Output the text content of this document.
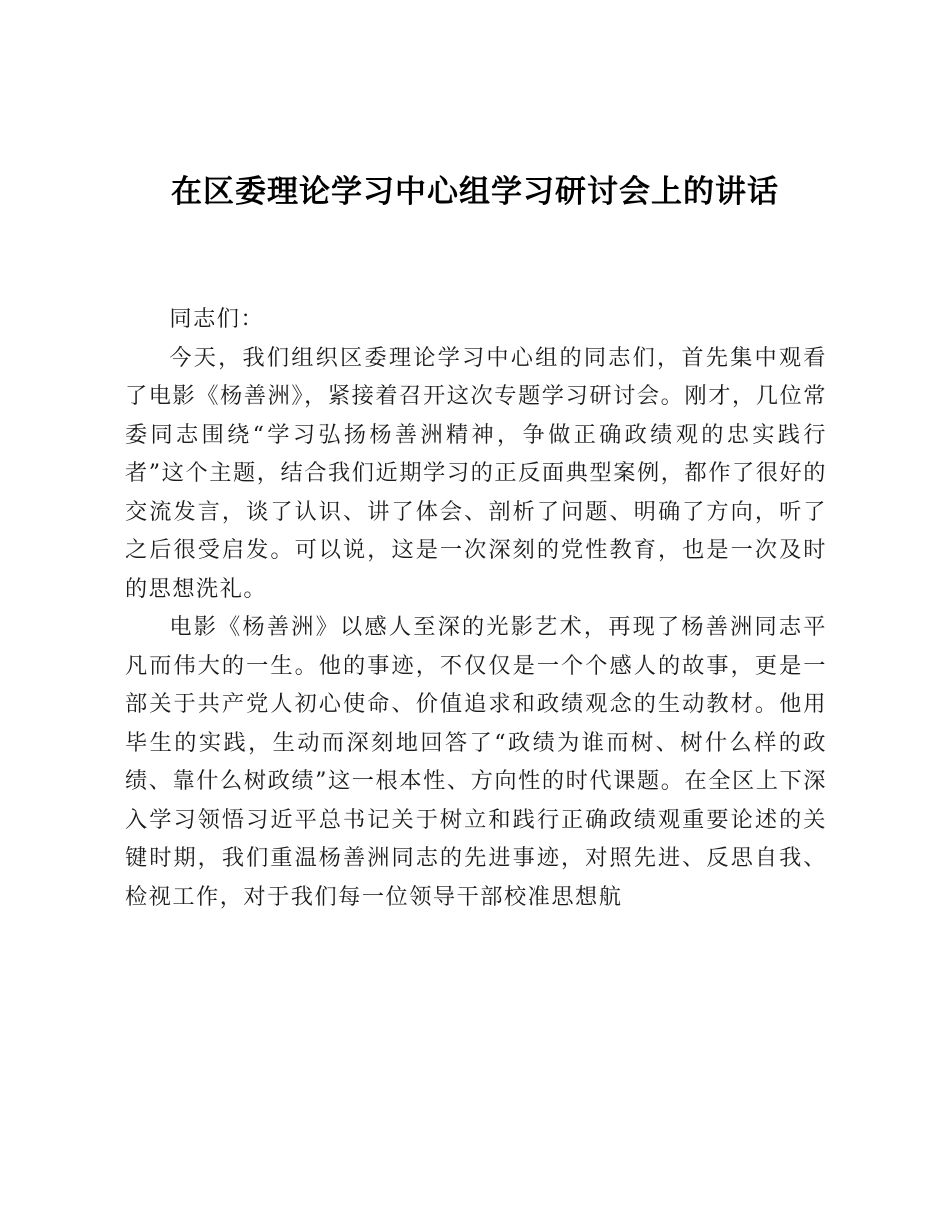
在区委理论学习中心组学习研讨会上的讲话

同志们：

今天，我们组织区委理论学习中心组的同志们，首先集中观看了电影《杨善洲》，紧接着召开这次专题学习研讨会。刚才，几位常委同志围绕“学习弘扬杨善洲精神，争做正确政绩观的忠实践行者”这个主题，结合我们近期学习的正反面典型案例，都作了很好的交流发言，谈了认识、讲了体会、剖析了问题、明确了方向，听了之后很受启发。可以说，这是一次深刻的党性教育，也是一次及时的思想洗礼。

电影《杨善洲》以感人至深的光影艺术，再现了杨善洲同志平凡而伟大的一生。他的事迹，不仅仅是一个个感人的故事，更是一部关于共产党人初心使命、价值追求和政绩观念的生动教材。他用毕生的实践，生动而深刻地回答了“政绩为谁而树、树什么样的政绩、靠什么树政绩”这一根本性、方向性的时代课题。在全区上下深入学习领悟习近平总书记关于树立和践行正确政绩观重要论述的关键时期，我们重温杨善洲同志的先进事迹，对照先进、反思自我、检视工作，对于我们每一位领导干部校准思想航
